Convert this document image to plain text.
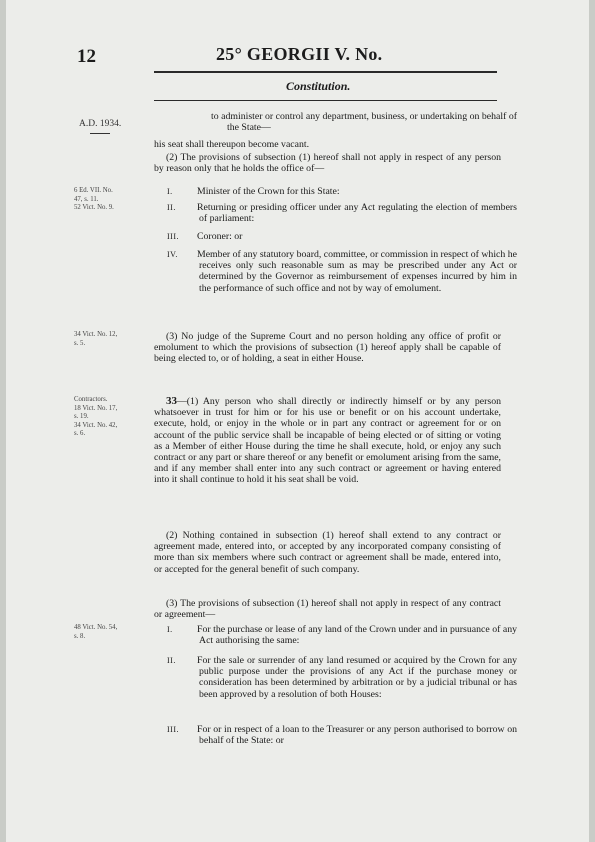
12	25° GEORGII V. No.
Constitution.
A.D. 1934.
6 Ed. VII. No.
47, s. 11.
52 Vict. No. 9.
34 Vict. No. 12,
s. 5.
Contractors.
18 Vict. No. 17,
s. 19.
34 Vict. No. 42,
s. 6.
48 Vict. No. 54,
s. 8.
to administer or control any department, business, or undertaking on behalf of the State—
his seat shall thereupon become vacant.
(2) The provisions of subsection (1) hereof shall not apply in respect of any person by reason only that he holds the office of—
I. Minister of the Crown for this State:
II. Returning or presiding officer under any Act regulating the election of members of parliament:
III. Coroner: or
IV. Member of any statutory board, committee, or commission in respect of which he receives only such reasonable sum as may be prescribed under any Act or determined by the Governor as reimbursement of expenses incurred by him in the performance of such office and not by way of emolument.
(3) No judge of the Supreme Court and no person holding any office of profit or emolument to which the provisions of subsection (1) hereof apply shall be capable of being elected to, or of holding, a seat in either House.
33—(1) Any person who shall directly or indirectly himself or by any person whatsoever in trust for him or for his use or benefit or on his account undertake, execute, hold, or enjoy in the whole or in part any contract or agreement for or on account of the public service shall be incapable of being elected or of sitting or voting as a Member of either House during the time he shall execute, hold, or enjoy any such contract or any part or share thereof or any benefit or emolument arising from the same, and if any member shall enter into any such contract or agreement or having entered into it shall continue to hold it his seat shall be void.
(2) Nothing contained in subsection (1) hereof shall extend to any contract or agreement made, entered into, or accepted by any incorporated company consisting of more than six members where such contract or agreement shall be made, entered into, or accepted for the general benefit of such company.
(3) The provisions of subsection (1) hereof shall not apply in respect of any contract or agreement—
I. For the purchase or lease of any land of the Crown under and in pursuance of any Act authorising the same:
II. For the sale or surrender of any land resumed or acquired by the Crown for any public purpose under the provisions of any Act if the purchase money or consideration has been determined by arbitration or by a judicial tribunal or has been approved by a resolution of both Houses:
III. For or in respect of a loan to the Treasurer or any person authorised to borrow on behalf of the State: or
